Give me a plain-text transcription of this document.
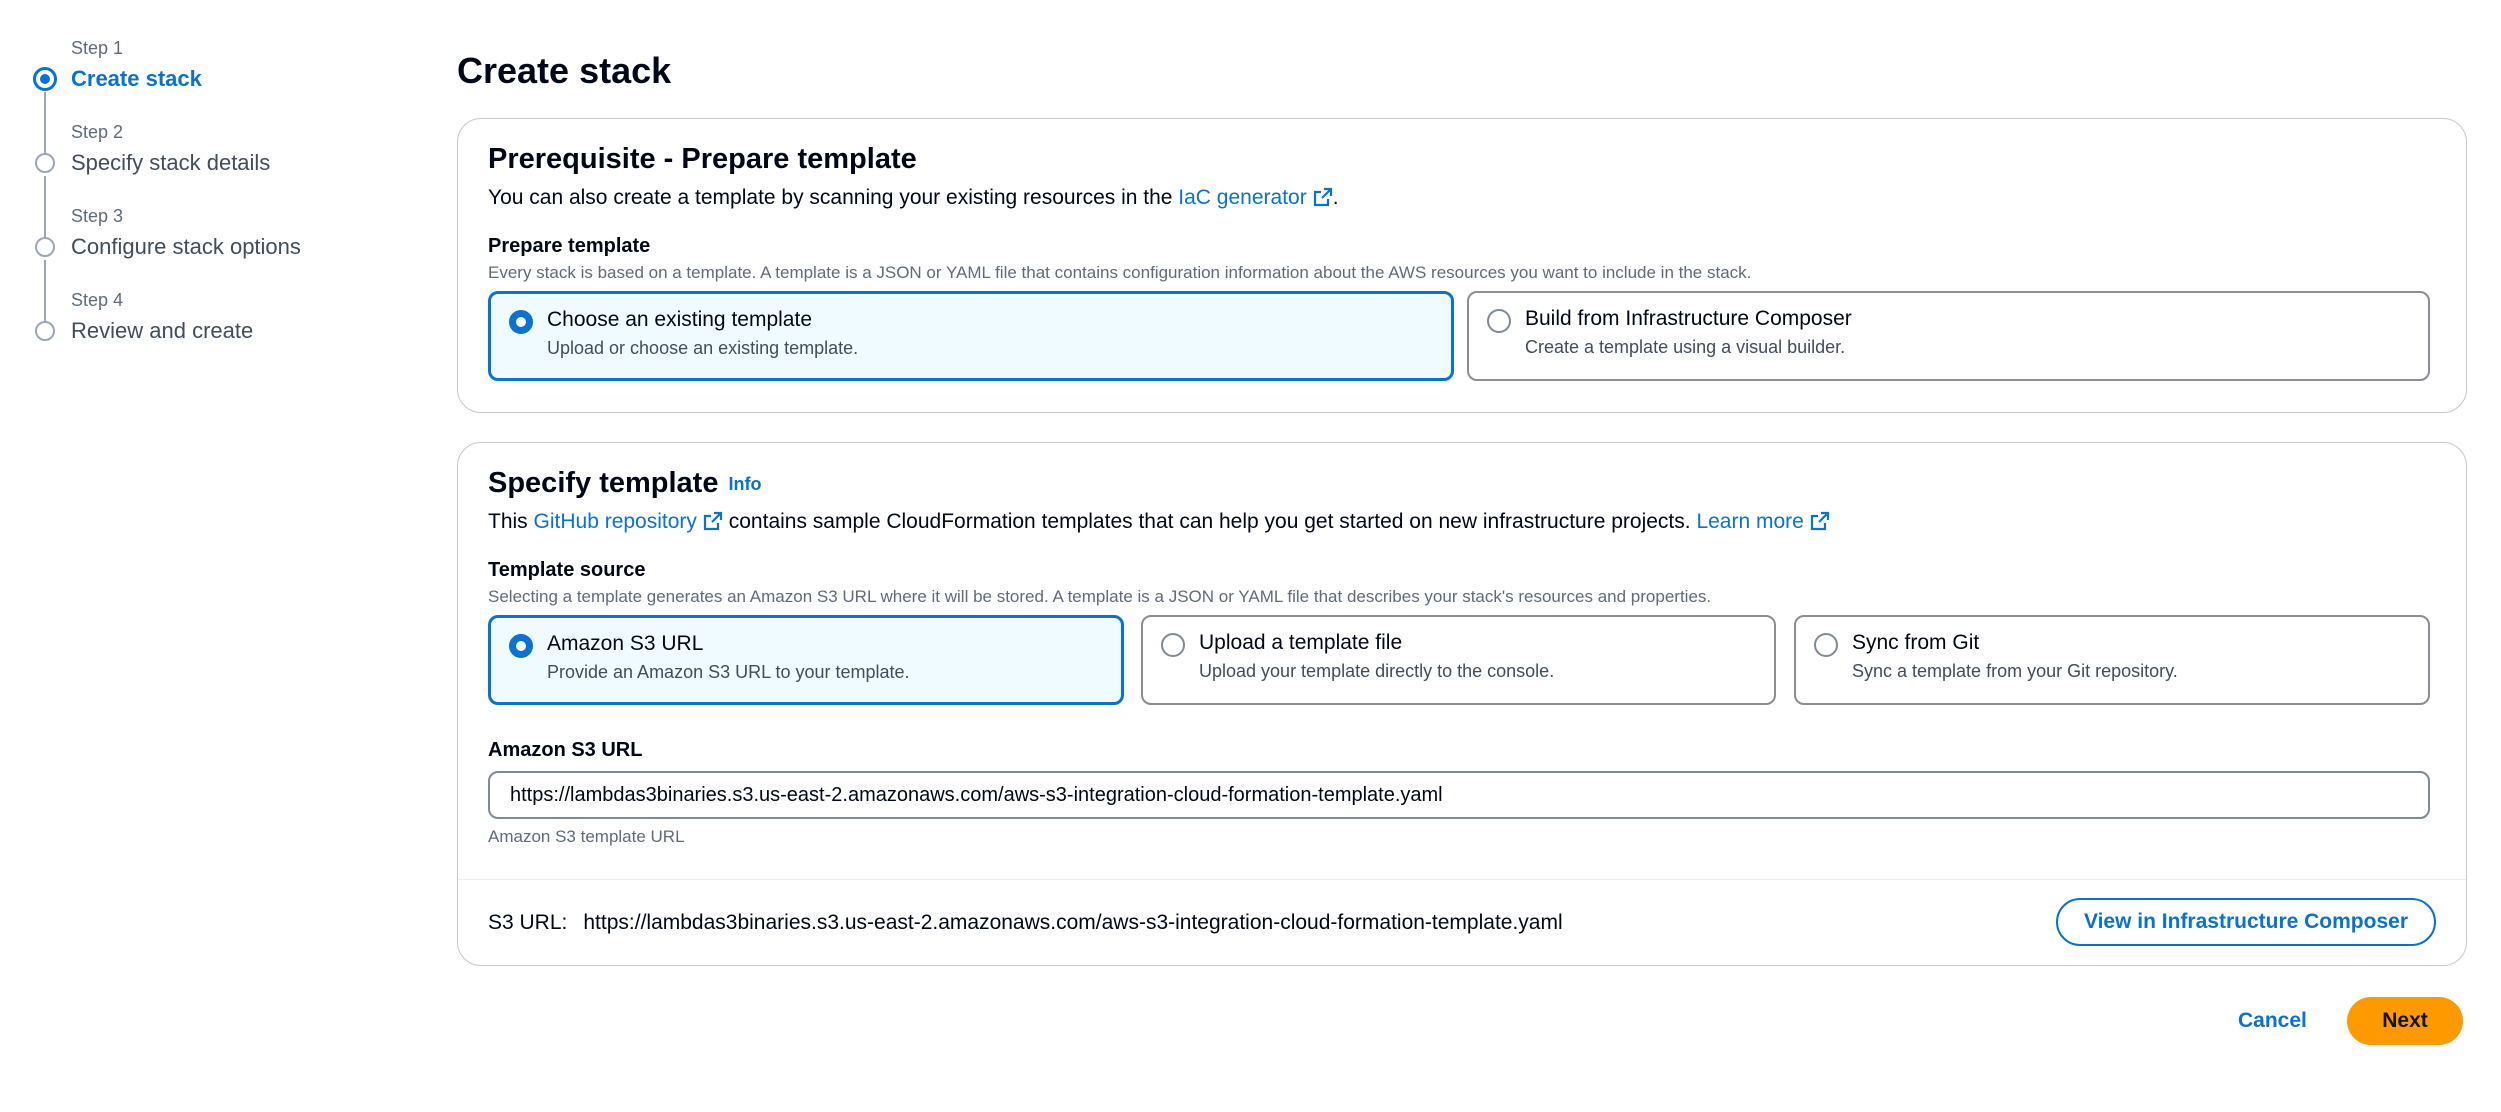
Step 1
Create stack
Step 2
Specify stack details
Step 3
Configure stack options
Step 4
Review and create
Create stack
Prerequisite - Prepare template

You can also create a template by scanning your existing resources in the IaC generator .

Prepare template
Every stack is based on a template. A template is a JSON or YAML file that contains configuration information about the AWS resources you want to include in the stack.
Choose an existing template
Upload or choose an existing template.
Build from Infrastructure Composer
Create a template using a visual builder.
Specify template Info

This GitHub repository contains sample CloudFormation templates that can help you get started on new infrastructure projects. Learn more

Template source
Selecting a template generates an Amazon S3 URL where it will be stored. A template is a JSON or YAML file that describes your stack's resources and properties.
Amazon S3 URL
Provide an Amazon S3 URL to your template.
Upload a template file
Upload your template directly to the console.
Sync from Git
Sync a template from your Git repository.
Amazon S3 URL
https://lambdas3binaries.s3.us-east-2.amazonaws.com/aws-s3-integration-cloud-formation-template.yaml
Amazon S3 template URL
S3 URL: https://lambdas3binaries.s3.us-east-2.amazonaws.com/aws-s3-integration-cloud-formation-template.yaml	View in Infrastructure Composer
Cancel	Next
